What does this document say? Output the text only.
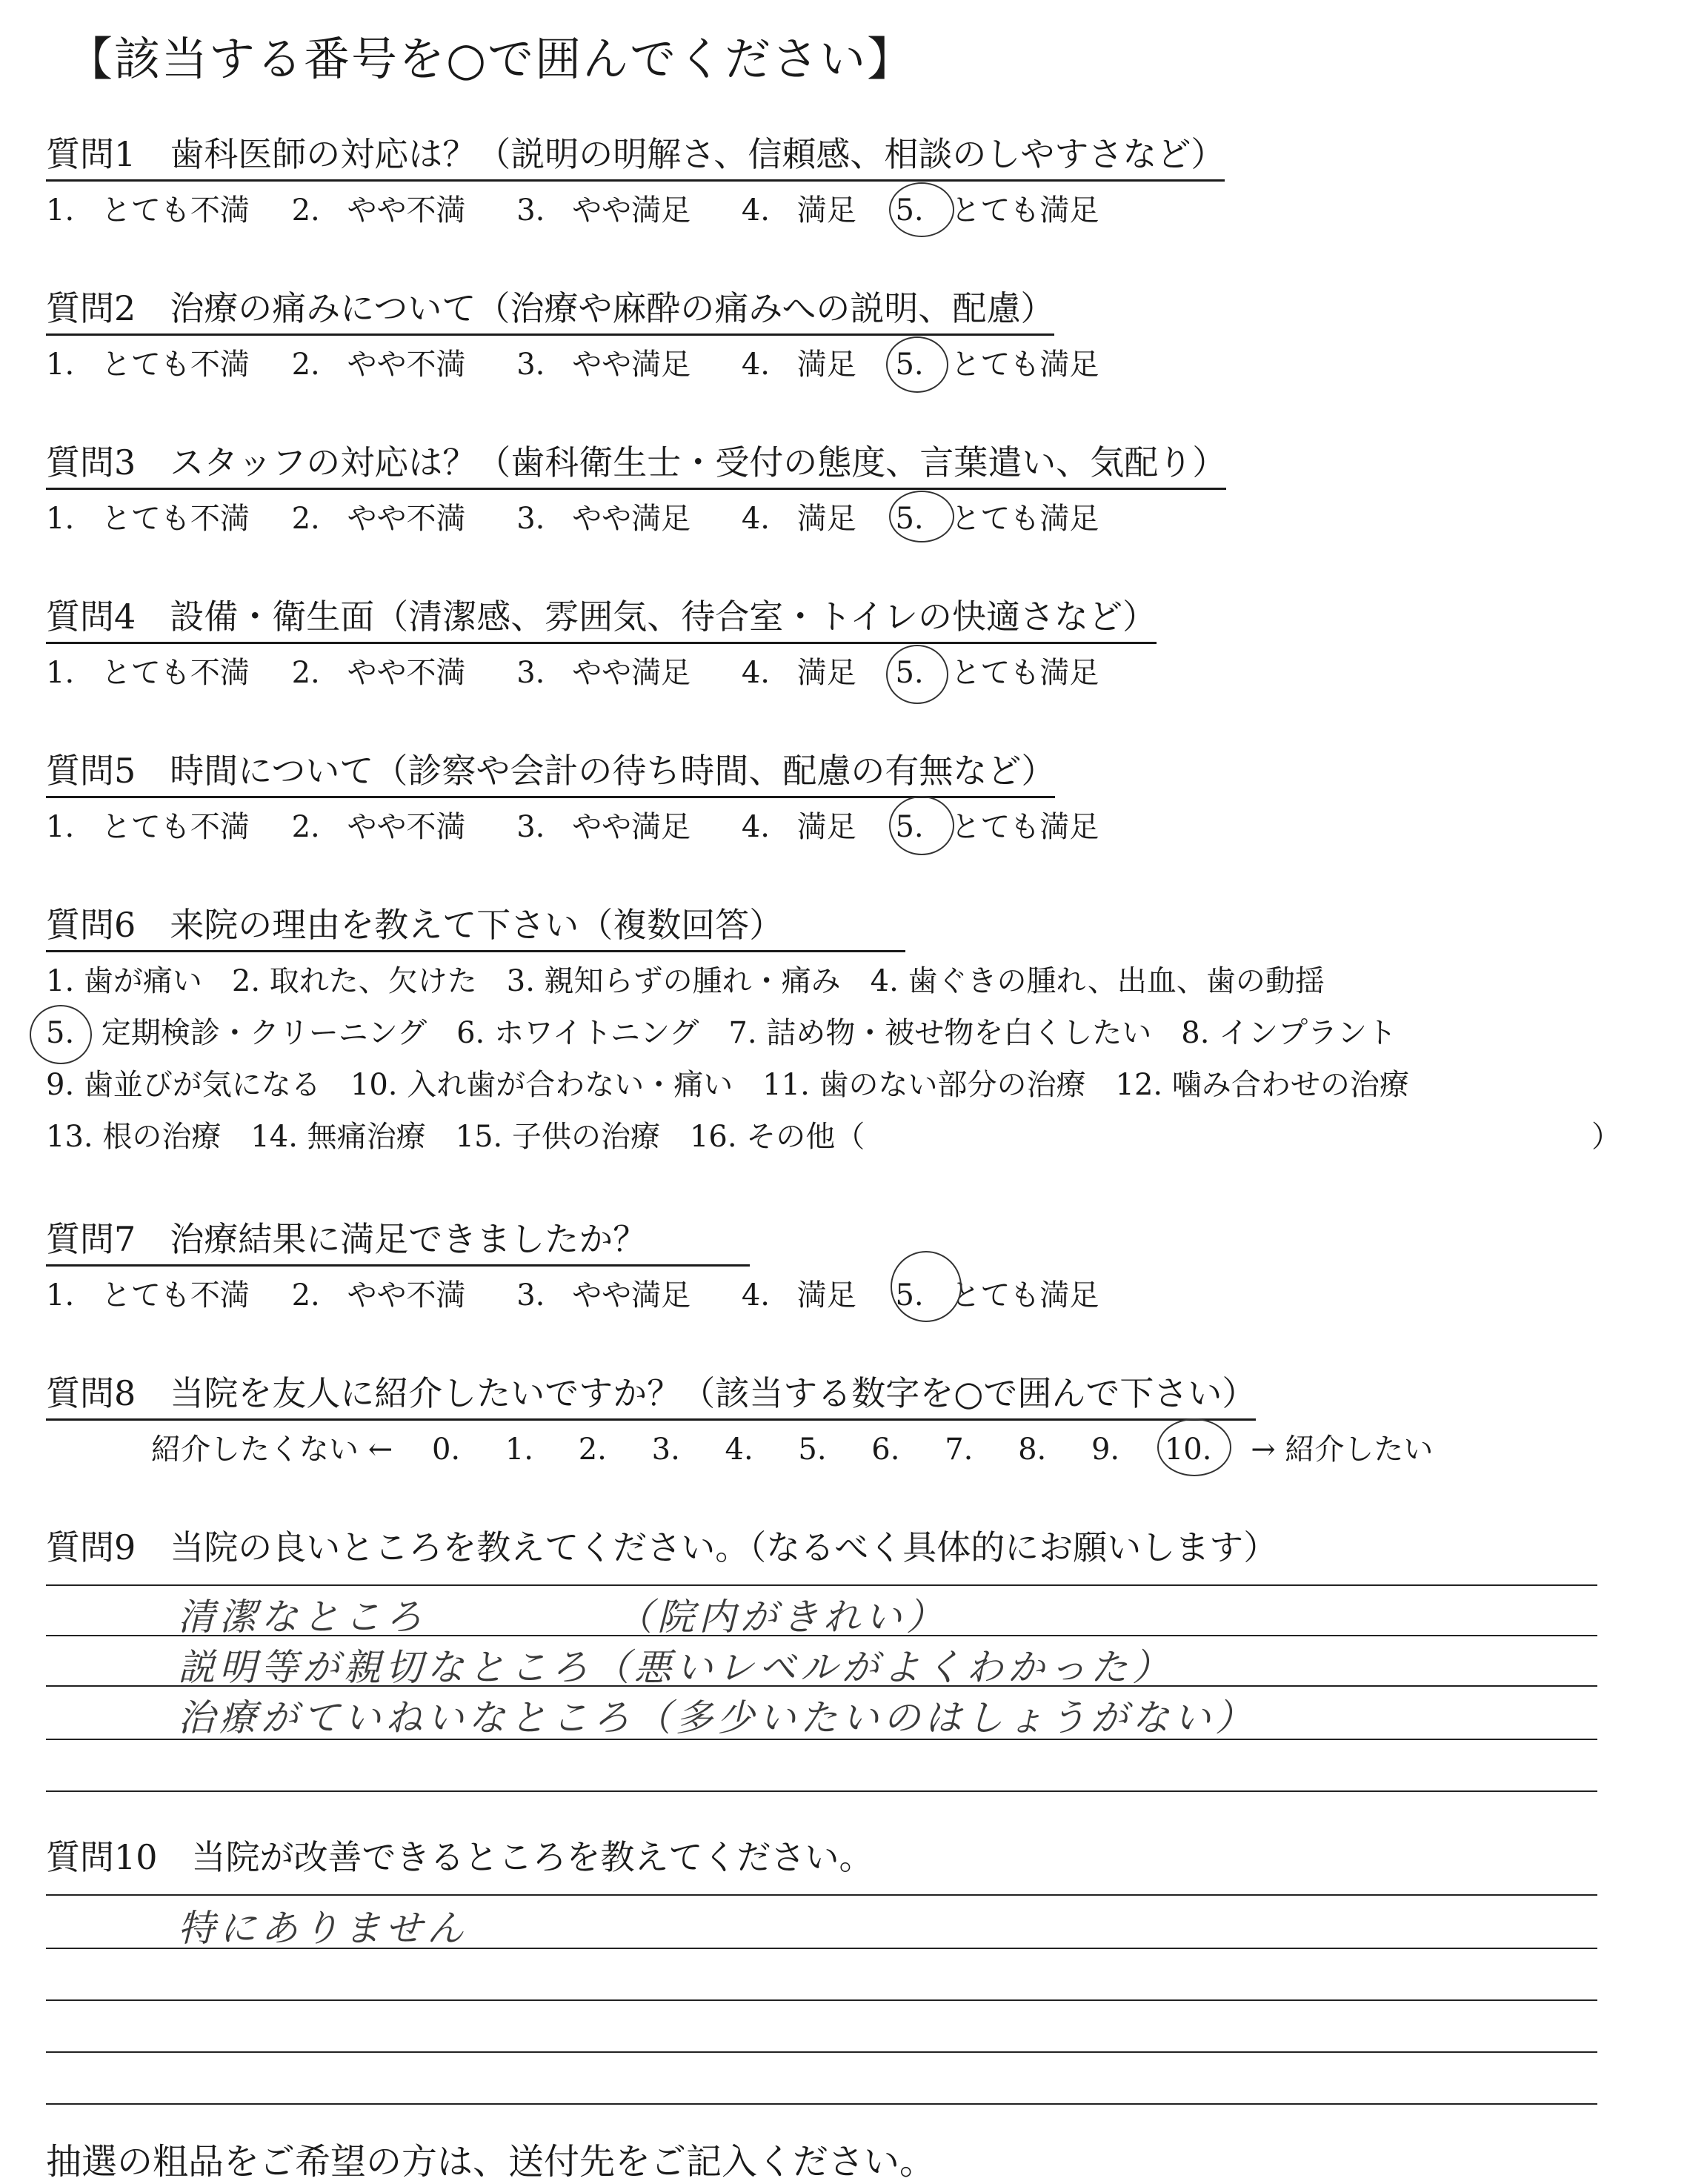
【該当する番号を○で囲んでください】
質問1　歯科医師の対応は？（説明の明解さ、信頼感、相談のしやすさなど）
1. とても不満 2. やや不満 3. やや満足 4. 満足 5. とても満足
質問2　治療の痛みについて（治療や麻酔の痛みへの説明、配慮）
1. とても不満 2. やや不満 3. やや満足 4. 満足 5. とても満足
質問3　スタッフの対応は？（歯科衛生士・受付の態度、言葉遣い、気配り）
1. とても不満 2. やや不満 3. やや満足 4. 満足 5. とても満足
質問4　設備・衛生面（清潔感、雰囲気、待合室・トイレの快適さなど）
1. とても不満 2. やや不満 3. やや満足 4. 満足 5. とても満足
質問5　時間について（診察や会計の待ち時間、配慮の有無など）
1. とても不満 2. やや不満 3. やや満足 4. 満足 5. とても満足
質問6　来院の理由を教えて下さい（複数回答）
1. 歯が痛い　2. 取れた、欠けた　3. 親知らずの腫れ・痛み　4. 歯ぐきの腫れ、出血、歯の動揺
5. 定期検診・クリーニング　6. ホワイトニング　7. 詰め物・被せ物を白くしたい　8. インプラント
9. 歯並びが気になる　10. 入れ歯が合わない・痛い　11. 歯のない部分の治療　12. 噛み合わせの治療
13. 根の治療　14. 無痛治療　15. 子供の治療　16. その他（	）
質問7　治療結果に満足できましたか？
1. とても不満 2. やや不満 3. やや満足 4. 満足 5. とても満足
質問8　当院を友人に紹介したいですか？（該当する数字を○で囲んで下さい）
紹介したくない ← 0. 1. 2. 3. 4. 5. 6. 7. 8. 9. 10. → 紹介したい
質問9　当院の良いところを教えてください。（なるべく具体的にお願いします）
清潔なところ　　　　　（院内がきれい）
説明等が親切なところ（悪いレベルがよくわかった）
治療がていねいなところ（多少いたいのはしょうがない）
質問10　当院が改善できるところを教えてください。
特にありません
抽選の粗品をご希望の方は、送付先をご記入ください。
